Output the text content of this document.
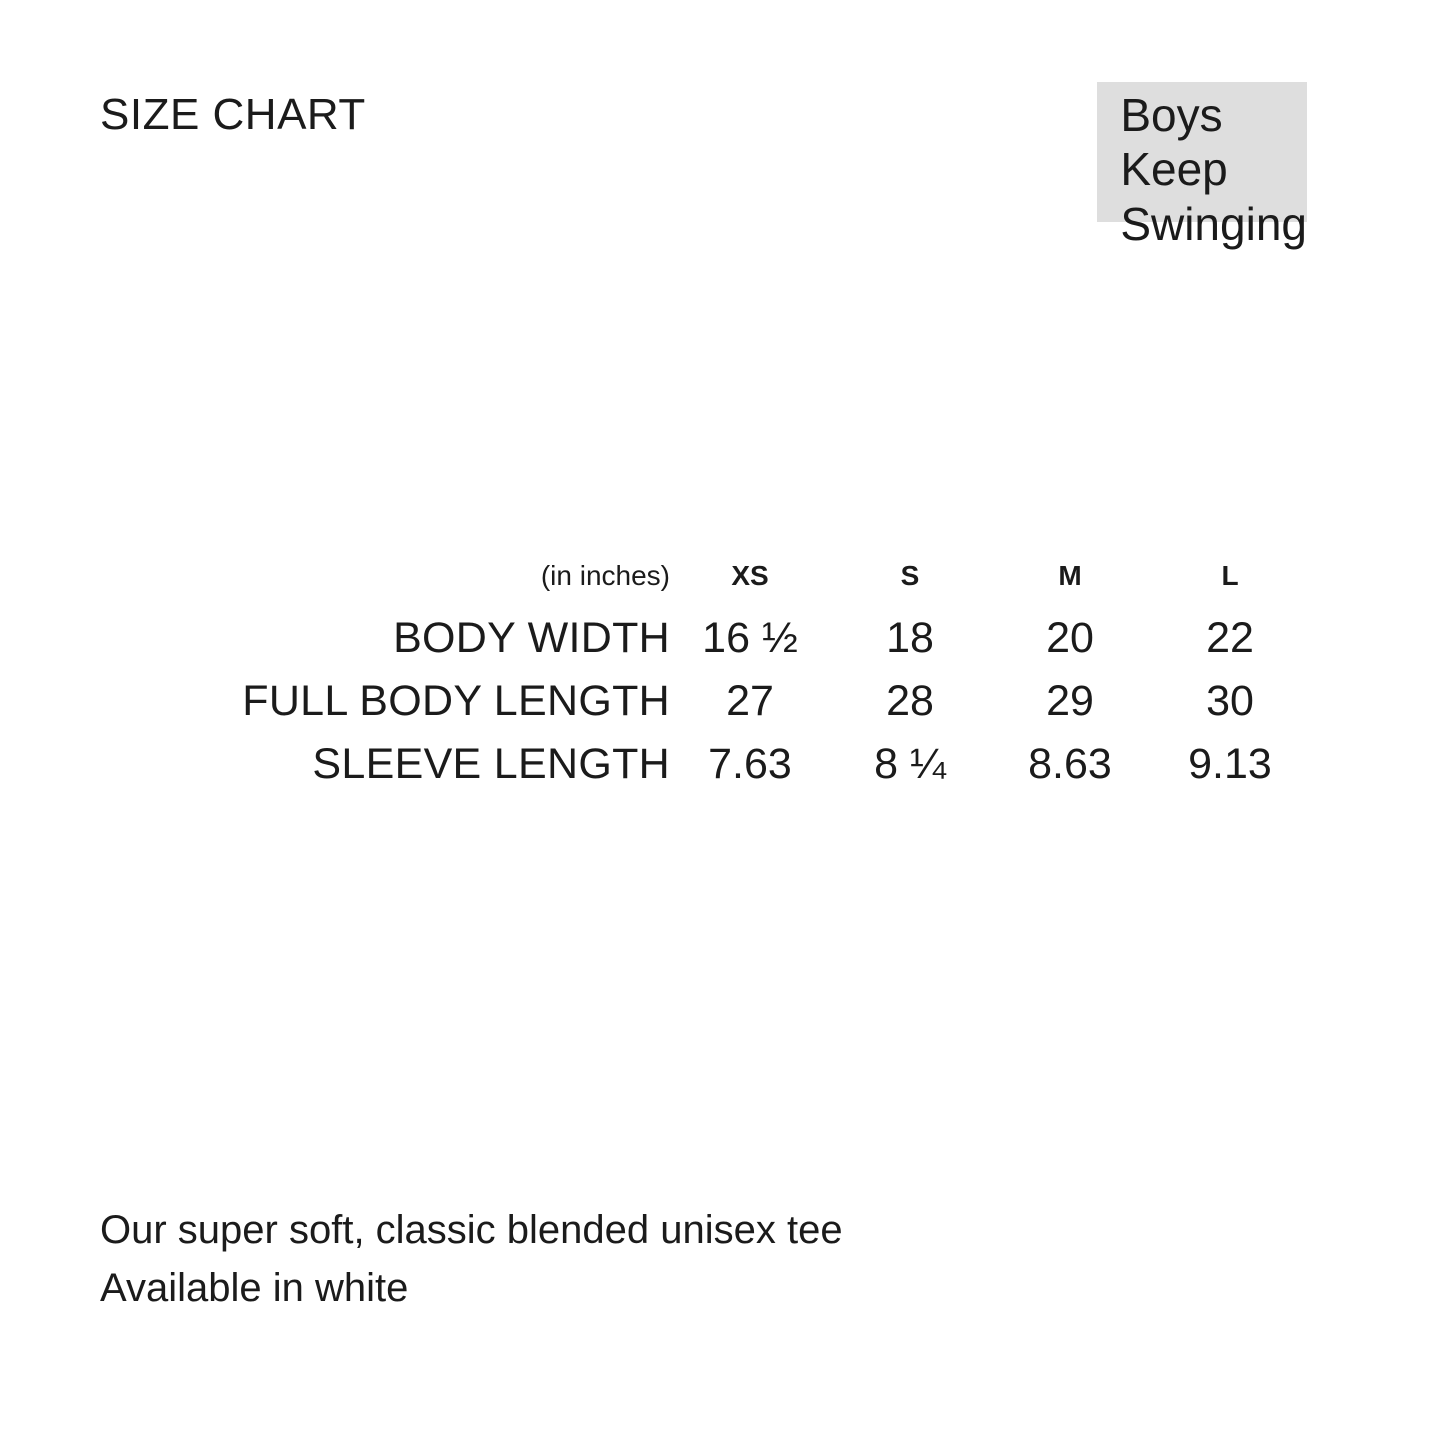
SIZE CHART	Boys
Keep
Swinging
(in inches)	XS	S	M	L
BODY WIDTH	16 ½	18	20	22
FULL BODY LENGTH	27	28	29	30
SLEEVE LENGTH	7.63	8 ¼	8.63	9.13
Our super soft, classic blended unisex tee
Available in white
